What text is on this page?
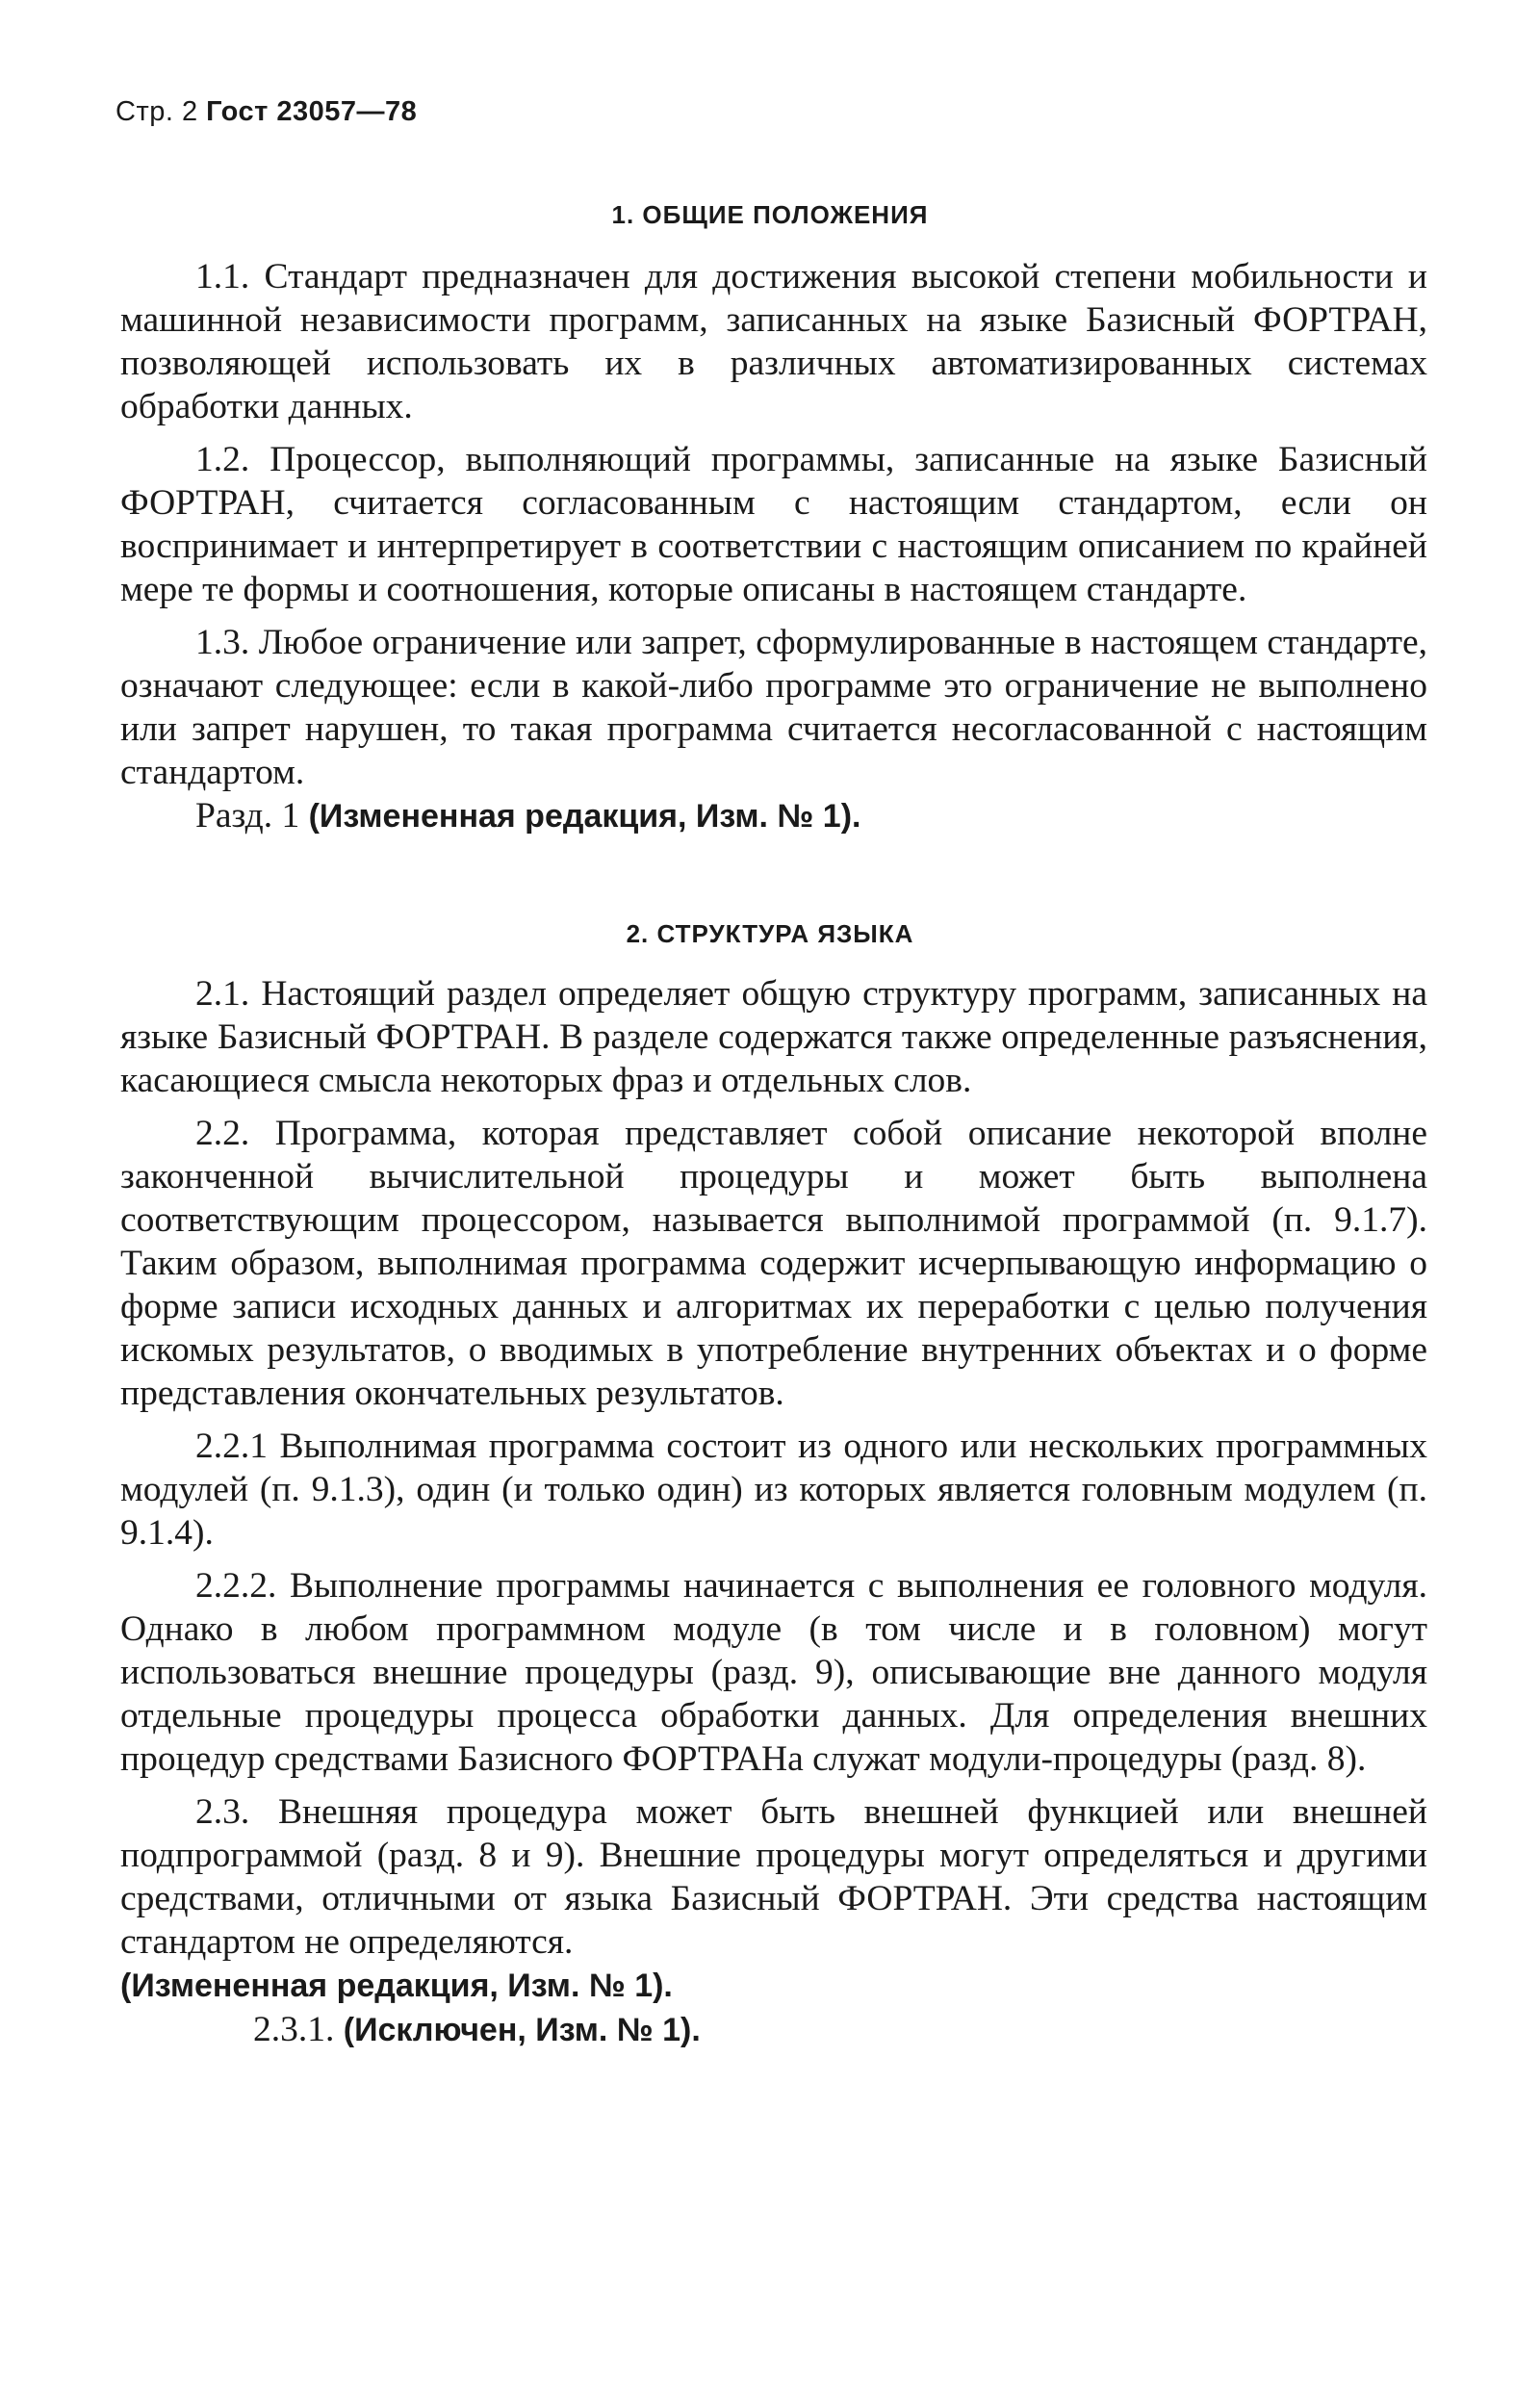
Стр. 2 Гост 23057—78
1. ОБЩИЕ ПОЛОЖЕНИЯ

1.1. Стандарт предназначен для достижения высокой степени мобильности и машинной независимости программ, записанных на языке Базисный ФОРТРАН, позволяющей использовать их в различных автоматизированных системах обработки данных.

1.2. Процессор, выполняющий программы, записанные на языке Базисный ФОРТРАН, считается согласованным с настоящим стандартом, если он воспринимает и интерпретирует в соответствии с настоящим описанием по крайней мере те формы и соотношения, которые описаны в настоящем стандарте.

1.3. Любое ограничение или запрет, сформулированные в настоящем стандарте, означают следующее: если в какой-либо программе это ограничение не выполнено или запрет нарушен, то такая программа считается несогласованной с настоящим стандартом.

Разд. 1 (Измененная редакция, Изм. № 1).

2. СТРУКТУРА ЯЗЫКА

2.1. Настоящий раздел определяет общую структуру программ, записанных на языке Базисный ФОРТРАН. В разделе содержатся также определенные разъяснения, касающиеся смысла некоторых фраз и отдельных слов.

2.2. Программа, которая представляет собой описание некоторой вполне законченной вычислительной процедуры и может быть выполнена соответствующим процессором, называется выполнимой программой (п. 9.1.7). Таким образом, выполнимая программа содержит исчерпывающую информацию о форме записи исходных данных и алгоритмах их переработки с целью получения искомых результатов, о вводимых в употребление внутренних объектах и о форме представления окончательных результатов.

2.2.1 Выполнимая программа состоит из одного или нескольких программных модулей (п. 9.1.3), один (и только один) из которых является головным модулем (п. 9.1.4).

2.2.2. Выполнение программы начинается с выполнения ее головного модуля. Однако в любом программном модуле (в том числе и в головном) могут использоваться внешние процедуры (разд. 9), описывающие вне данного модуля отдельные процедуры процесса обработки данных. Для определения внешних процедур средствами Базисного ФОРТРАНа служат модули-процедуры (разд. 8).

2.3. Внешняя процедура может быть внешней функцией или внешней подпрограммой (разд. 8 и 9). Внешние процедуры могут определяться и другими средствами, отличными от языка Базисный ФОРТРАН. Эти средства настоящим стандартом не определяются.

(Измененная редакция, Изм. № 1).

2.3.1. (Исключен, Изм. № 1).
